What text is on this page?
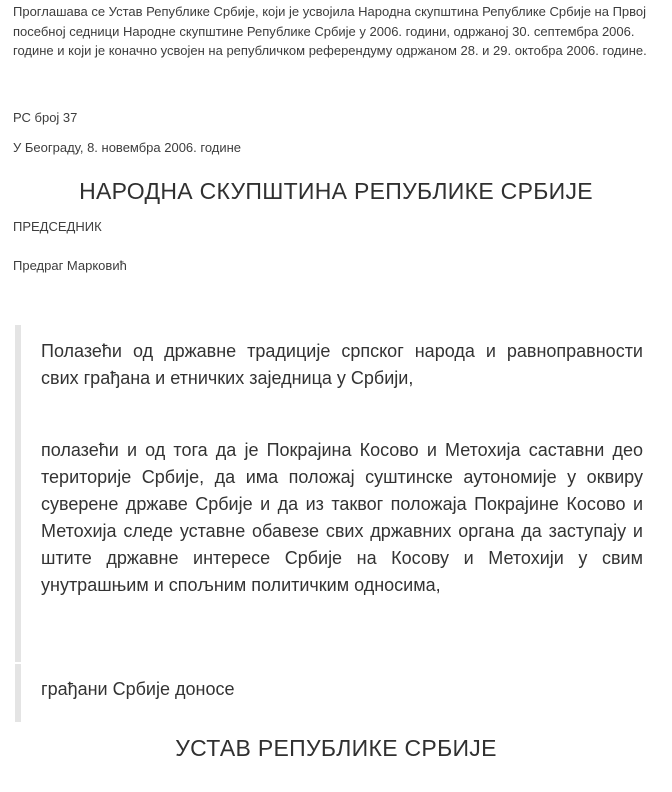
Проглашава се Устав Републике Србије, који је усвојила Народна скупштина Републике Србије на Првој посебној седници Народне скупштине Републике Србије у 2006. години, одржаној 30. септембра 2006. године и који је коначно усвојен на републичком референдуму одржаном 28. и 29. октобра 2006. године.

РС број 37

У Београду, 8. новембра 2006. године

НАРОДНА СКУПШТИНА РЕПУБЛИКЕ СРБИЈЕ

ПРЕДСЕДНИК

Предраг Марковић

Полазећи од државне традиције српског народа и равноправности свих грађана и етничких заједница у Србији,

полазећи и од тога да је Покрајина Косово и Метохија саставни део територије Србије, да има положај суштинске аутономије у оквиру суверене државе Србије и да из таквог положаја Покрајине Косово и Метохија следе уставне обавезе свих државних органа да заступају и штите државне интересе Србије на Косову и Метохији у свим унутрашњим и спољним политичким односима,

грађани Србије доносе

УСТАВ РЕПУБЛИКЕ СРБИЈЕ
